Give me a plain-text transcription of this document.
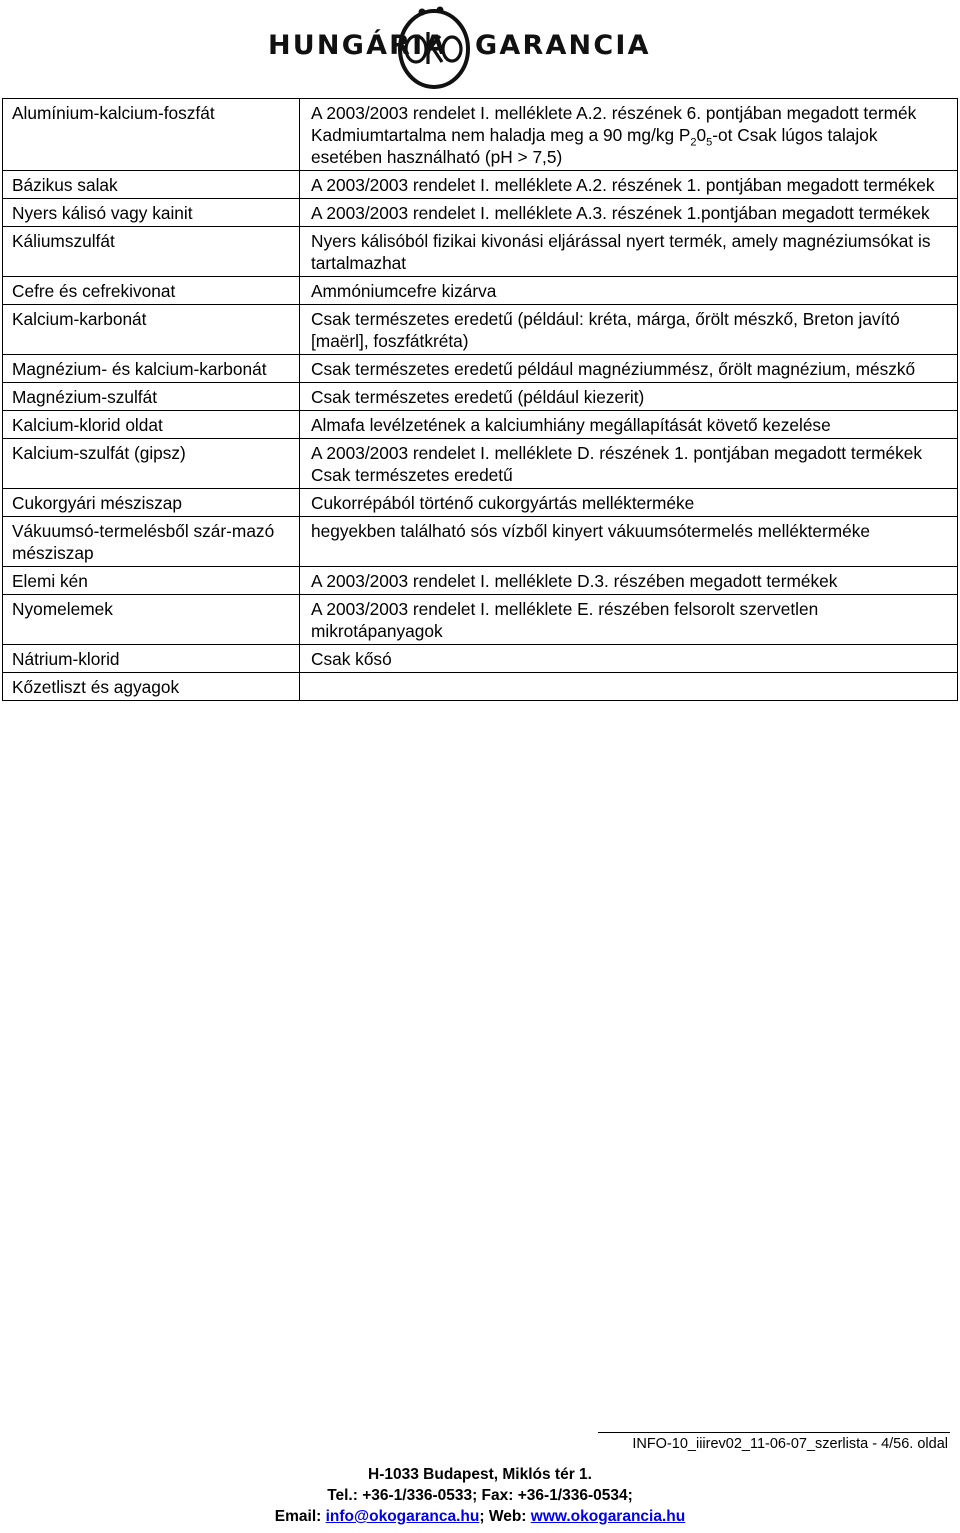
HUNGÁRIA GARANCIA
Alumínium-kalcium-foszfát	A 2003/2003 rendelet I. melléklete A.2. részének 6. pontjában megadott termék Kadmiumtartalma nem haladja meg a 90 mg/kg $P_20_5-ot$ Csak lúgos talajok esetében használható (pH > 7,5)
Bázikus salak	A 2003/2003 rendelet I. melléklete A.2. részének 1. pontjában megadott termékek
Nyers kálisó vagy kainit	A 2003/2003 rendelet I. melléklete A.3. részének 1.pontjában megadott termékek
Káliumszulfát	Nyers kálisóból fizikai kivonási eljárással nyert termék, amely magnéziumsókat is tartalmazhat
Cefre és cefrekivonat	Ammóniumcefre kizárva
Kalcium-karbonát	Csak természetes eredetű (például: kréta, márga, őrölt mészkő, Breton javító [maërl], foszfátkréta)
Magnézium- és kalcium-karbonát	Csak természetes eredetű például magnéziummész, őrölt magnézium, mészkő
Magnézium-szulfát	Csak természetes eredetű (például kiezerit)
Kalcium-klorid oldat	Almafa levélzetének a kalciumhiány megállapítását követő kezelése
Kalcium-szulfát (gipsz)	A 2003/2003 rendelet I. melléklete D. részének 1. pontjában megadott termékek Csak természetes eredetű
Cukorgyári mésziszap	Cukorrépából történő cukorgyártás mellékterméke
Vákuumsó-termelésből szár-mazó mésziszap	hegyekben található sós vízből kinyert vákuumsótermelés mellékterméke
Elemi kén	A 2003/2003 rendelet I. melléklete D.3. részében megadott termékek
Nyomelemek	A 2003/2003 rendelet I. melléklete E. részében felsorolt szervetlen mikrotápanyagok
Nátrium-klorid	Csak kősó
Kőzetliszt és agyagok	
INFO-10_iiirev02_11-06-07_szerlista - 4/56. oldal
H-1033 Budapest, Miklós tér 1.
Tel.: +36-1/336-0533; Fax: +36-1/336-0534;
Email: info@okogaranca.hu; Web: www.okogarancia.hu
